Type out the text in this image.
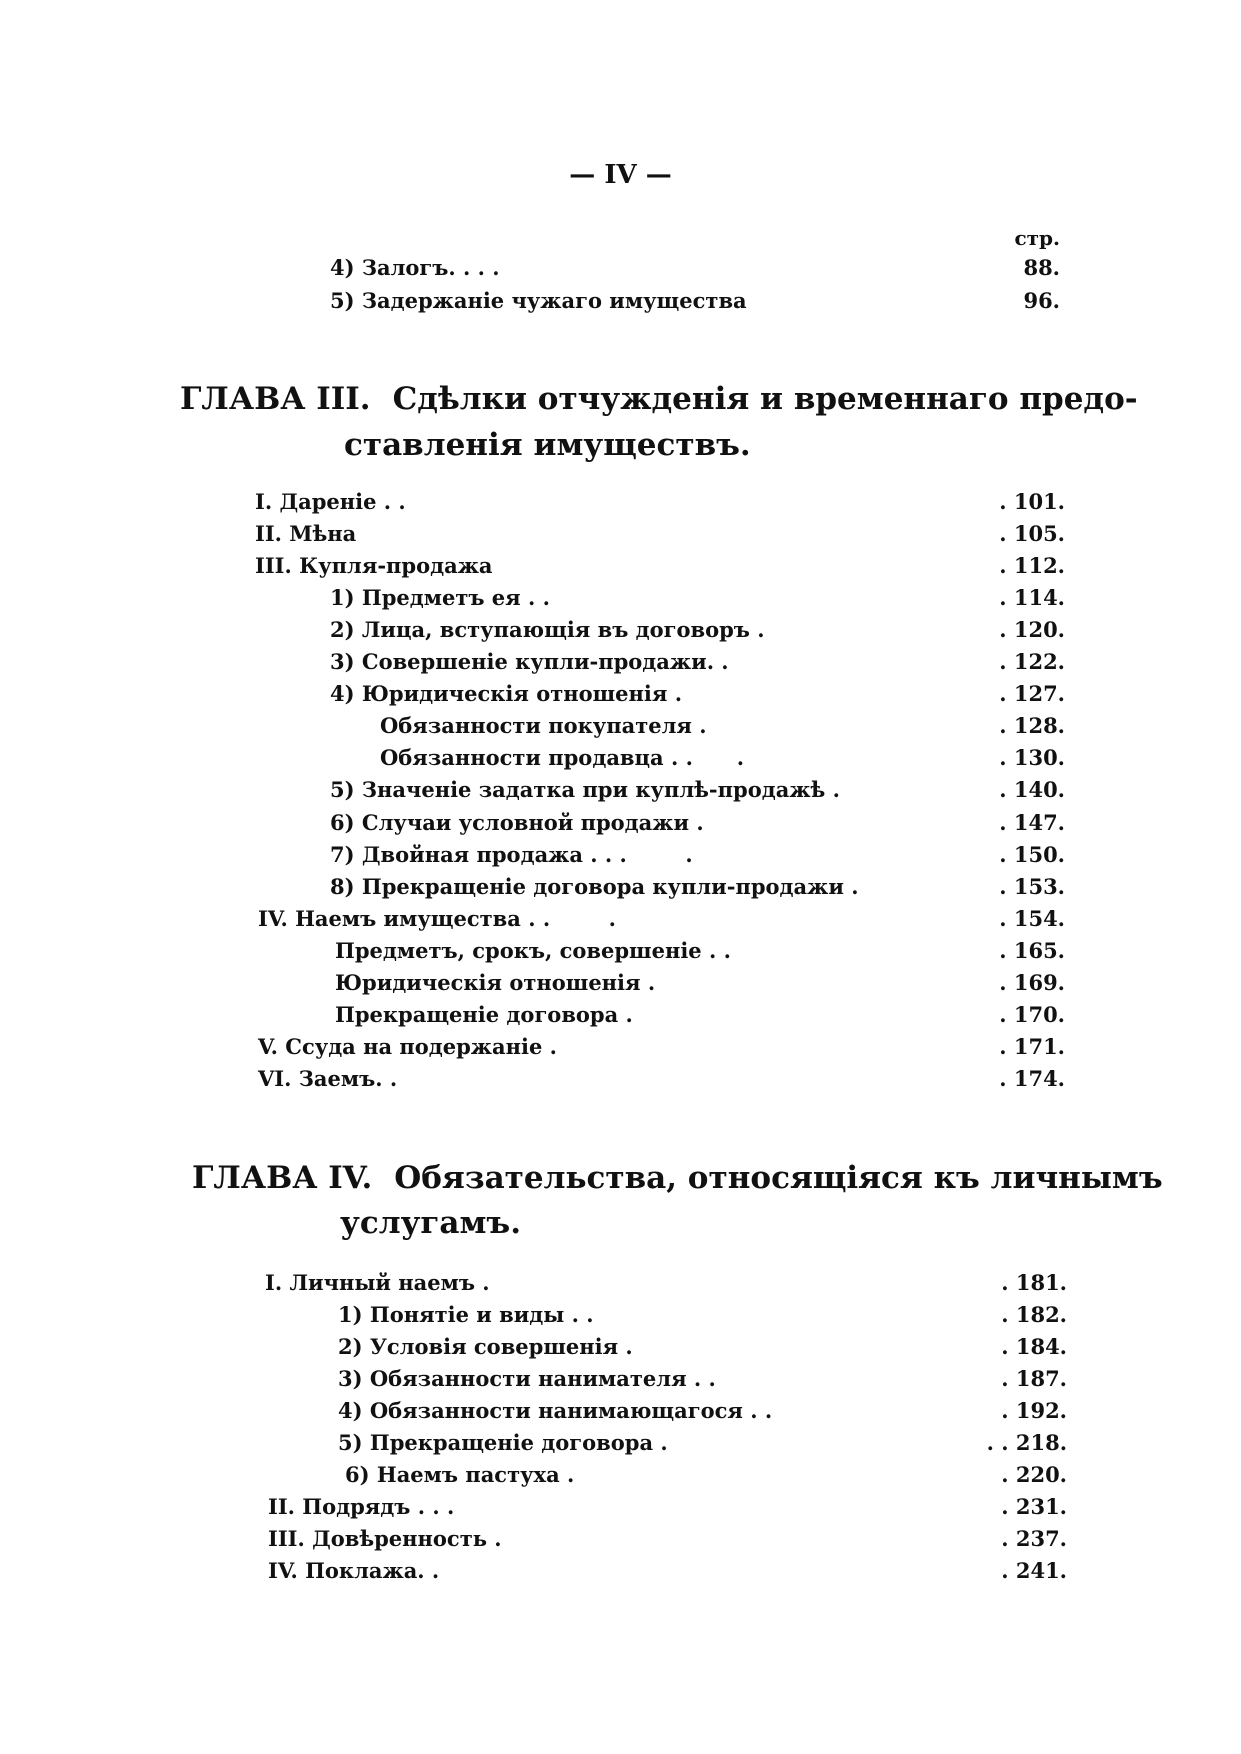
— IV —
стр.
4) Залогъ. . . .	88.
5) Задержаніе чужаго имущества	96.
ГЛАВА III. Сдѣлки отчужденія и временнаго предо-
ставленія имуществъ.
I. Дареніе . .	. 101.
II. Мѣна	. 105.
III. Купля-продажа	. 112.
1) Предметъ ея . .	. 114.
2) Лица, вступающія въ договоръ .	. 120.
3) Совершеніе купли-продажи. .	. 122.
4) Юридическія отношенія .	. 127.
Обязанности покупателя .	. 128.
Обязанности продавца . .      .	. 130.
5) Значеніе задатка при куплѣ-продажѣ .	. 140.
6) Случаи условной продажи .	. 147.
7) Двойная продажа . . .        .	. 150.
8) Прекращеніе договора купли-продажи .	. 153.
IV. Наемъ имущества . .        .	. 154.
Предметъ, срокъ, совершеніе . .	. 165.
Юридическія отношенія .	. 169.
Прекращеніе договора .	. 170.
V. Ссуда на подержаніе .	. 171.
VI. Заемъ. .	. 174.
ГЛАВА IV. Обязательства, относящіяся къ личнымъ
услугамъ.
I. Личный наемъ .	. 181.
1) Понятіе и виды . .	. 182.
2) Условія совершенія .	. 184.
3) Обязанности нанимателя . .	. 187.
4) Обязанности нанимающагося . .	. 192.
5) Прекращеніе договора .	. . 218.
6) Наемъ пастуха .	. 220.
II. Подрядъ . . .	. 231.
III. Довѣренность .	. 237.
IV. Поклажа. .	. 241.
